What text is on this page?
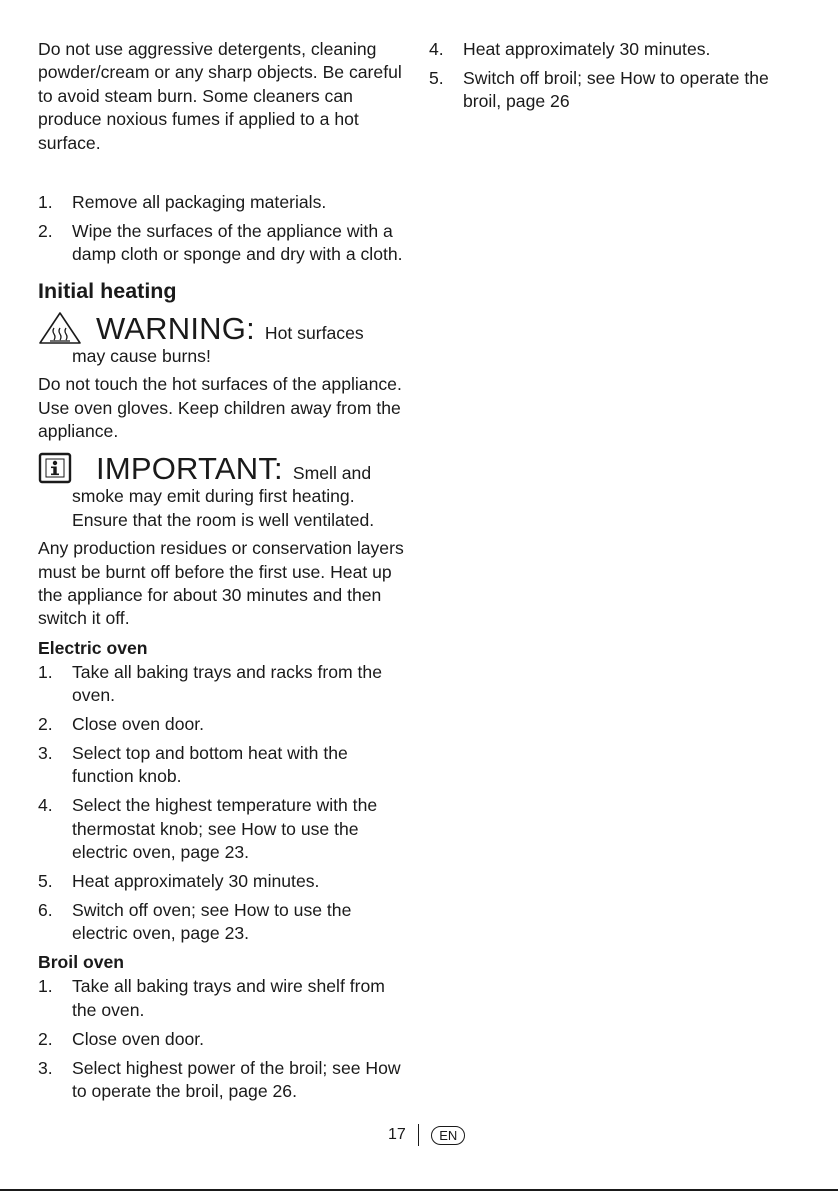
Do not use aggressive detergents, cleaning powder/cream or any sharp objects. Be careful to avoid steam burn. Some cleaners can produce noxious fumes if applied to a hot surface.

1.	Remove all packaging materials.
2.	Wipe the surfaces of the appliance with a damp cloth or sponge and dry with a cloth.
Initial heating
WARNING: Hot surfaces

may cause burns!

Do not touch the hot surfaces of the appliance. Use oven gloves. Keep children away from the appliance.

IMPORTANT: Smell and

smoke may emit during first heating. Ensure that the room is well ventilated.

Any production residues or conservation layers must be burnt off before the first use. Heat up the appliance for about 30 minutes and then switch it off.

Electric oven
1.	Take all baking trays and racks from the oven.
2.	Close oven door.
3.	Select top and bottom heat with the function knob.
4.	Select the highest temperature with the thermostat knob; see How to use the electric oven, page 23.
5.	Heat approximately 30 minutes.
6.	Switch off oven; see How to use the electric oven, page 23.
Broil oven
1.	Take all baking trays and wire shelf from the oven.
2.	Close oven door.
3.	Select highest power of the broil; see How to operate the broil, page 26.
4.	Heat approximately 30 minutes.
5.	Switch off broil; see How to operate the broil, page 26
17	EN
